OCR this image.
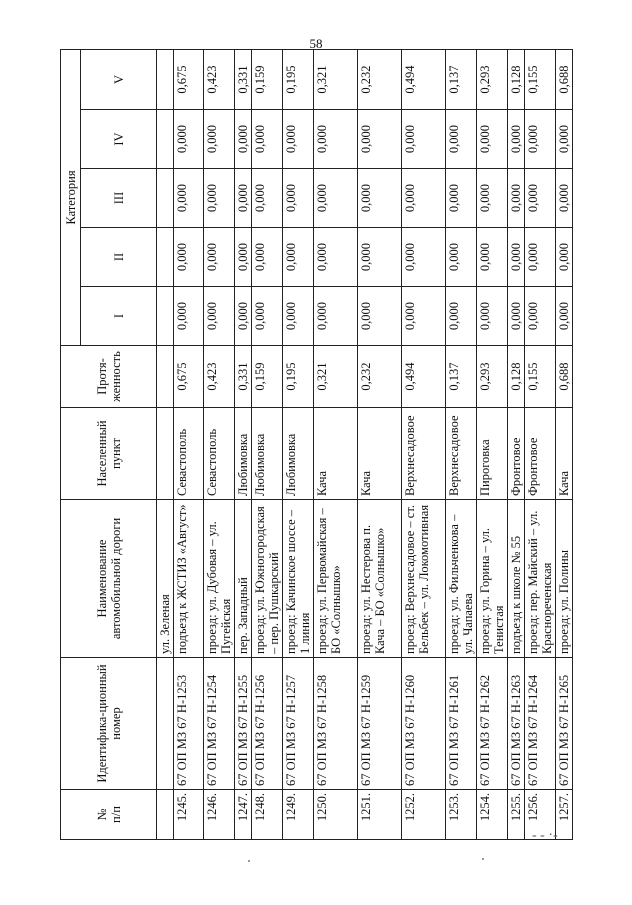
58
№
п/п	Идентифика-ционный номер	Наименование автомобильной дороги	Населенный пункт	Протя-женность	Категория				
					I	II	III	IV	V
		ул. Зеленая							
1245.	67 ОП МЗ 67 Н-1253	подъезд к ЖСТИЗ «Август»	Севастополь	0,675	0,000	0,000	0,000	0,000	0,675
1246.	67 ОП МЗ 67 Н-1254	проезд: ул. Дубовая – ул. Пугейская	Севастополь	0,423	0,000	0,000	0,000	0,000	0,423
1247.	67 ОП МЗ 67 Н-1255	пер. Западный	Любимовка	0,331	0,000	0,000	0,000	0,000	0,331
1248.	67 ОП МЗ 67 Н-1256	проезд: ул. Южногородская – пер. Пушкарский	Любимовка	0,159	0,000	0,000	0,000	0,000	0,159
1249.	67 ОП МЗ 67 Н-1257	проезд: Качинское шоссе – 1 линия	Любимовка	0,195	0,000	0,000	0,000	0,000	0,195
1250.	67 ОП МЗ 67 Н-1258	проезд: ул. Первомайская – БО «Солнышко»	Кача	0,321	0,000	0,000	0,000	0,000	0,321
1251.	67 ОП МЗ 67 Н-1259	проезд: ул. Нестерова п. Кача – БО «Солнышко»	Кача	0,232	0,000	0,000	0,000	0,000	0,232
1252.	67 ОП МЗ 67 Н-1260	проезд: Верхнесадовое – ст. Бельбек – ул. Локомотивная	Верхнесадовое	0,494	0,000	0,000	0,000	0,000	0,494
1253.	67 ОП МЗ 67 Н-1261	проезд: ул. Фильченкова – ул. Чапаева	Верхнесадовое	0,137	0,000	0,000	0,000	0,000	0,137
1254.	67 ОП МЗ 67 Н-1262	проезд: ул. Горина – ул. Тенистая	Пироговка	0,293	0,000	0,000	0,000	0,000	0,293
1255.	67 ОП МЗ 67 Н-1263	подъезд к школе № 55	Фронтовое	0,128	0,000	0,000	0,000	0,000	0,128
1256.	67 ОП МЗ 67 Н-1264	проезд: пер. Майский – ул. Краснореченская	Фронтовое	0,155	0,000	0,000	0,000	0,000	0,155
1257.	67 ОП МЗ 67 Н-1265	проезд: ул. Полины	Кача	0,688	0,000	0,000	0,000	0,000	0,688
- - ·-
